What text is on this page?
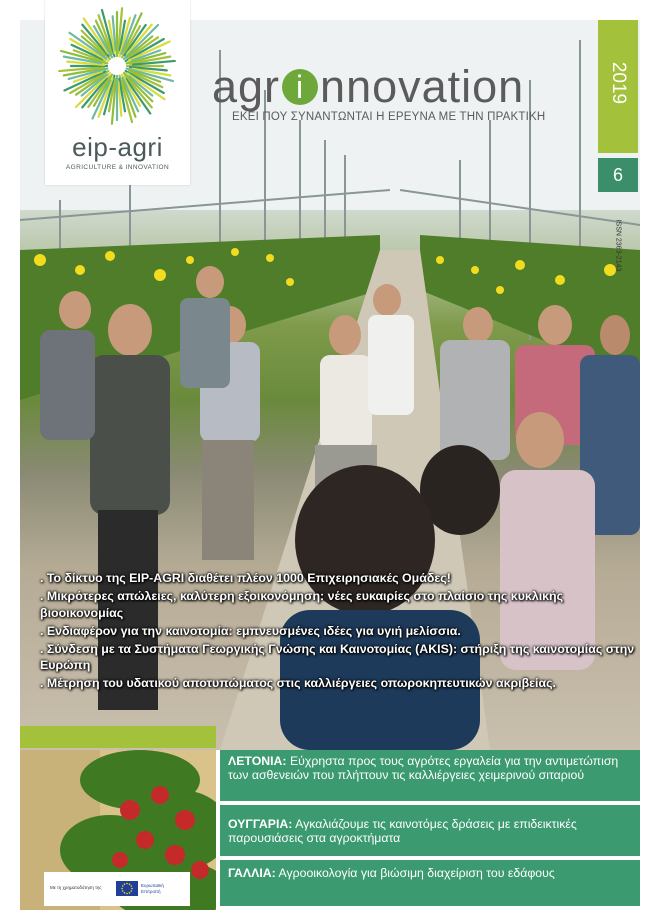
eip-agri
AGRICULTURE & INNOVATION
agr i nnovation
ΕΚΕΙ ΠΟΥ ΣΥΝΑΝΤΩΝΤΑΙ Η ΕΡΕΥΝΑ ΜΕ ΤΗΝ ΠΡΑΚΤΙΚΗ
2019
6
ISSN 2363-2143
. Το δίκτυο της EIP-AGRI διαθέτει πλέον 1000 Επιχειρησιακές Ομάδες!
. Μικρότερες απώλειες, καλύτερη εξοικονόμηση: νέες ευκαιρίες στο πλαίσιο της κυκλικής βιοοικονομίας
. Ενδιαφέρον για την καινοτομία: εμπνευσμένες ιδέες για υγιή μελίσσια.
. Σύνδεση με τα Συστήματα Γεωργικής Γνώσης και Καινοτομίας (AKIS): στήριξη της καινοτομίας στην Ευρώπη
. Μέτρηση του υδατικού αποτυπώματος στις καλλιέργειες οπωροκηπευτικών ακριβείας.
Με τη χρηματοδότηση της	Ευρωπαϊκή
Επιτροπή
ΛΕΤΟΝΙΑ: Εύχρηστα προς τους αγρότες εργαλεία για την αντιμετώπιση των ασθενειών που πλήττουν τις καλλιέργειες χειμερινού σιταριού
ΟΥΓΓΑΡΙΑ: Αγκαλιάζουμε τις καινοτόμες δράσεις με επιδεικτικές παρουσιάσεις στα αγροκτήματα
ΓΑΛΛΙΑ: Αγροοικολογία για βιώσιμη διαχείριση του εδάφους
